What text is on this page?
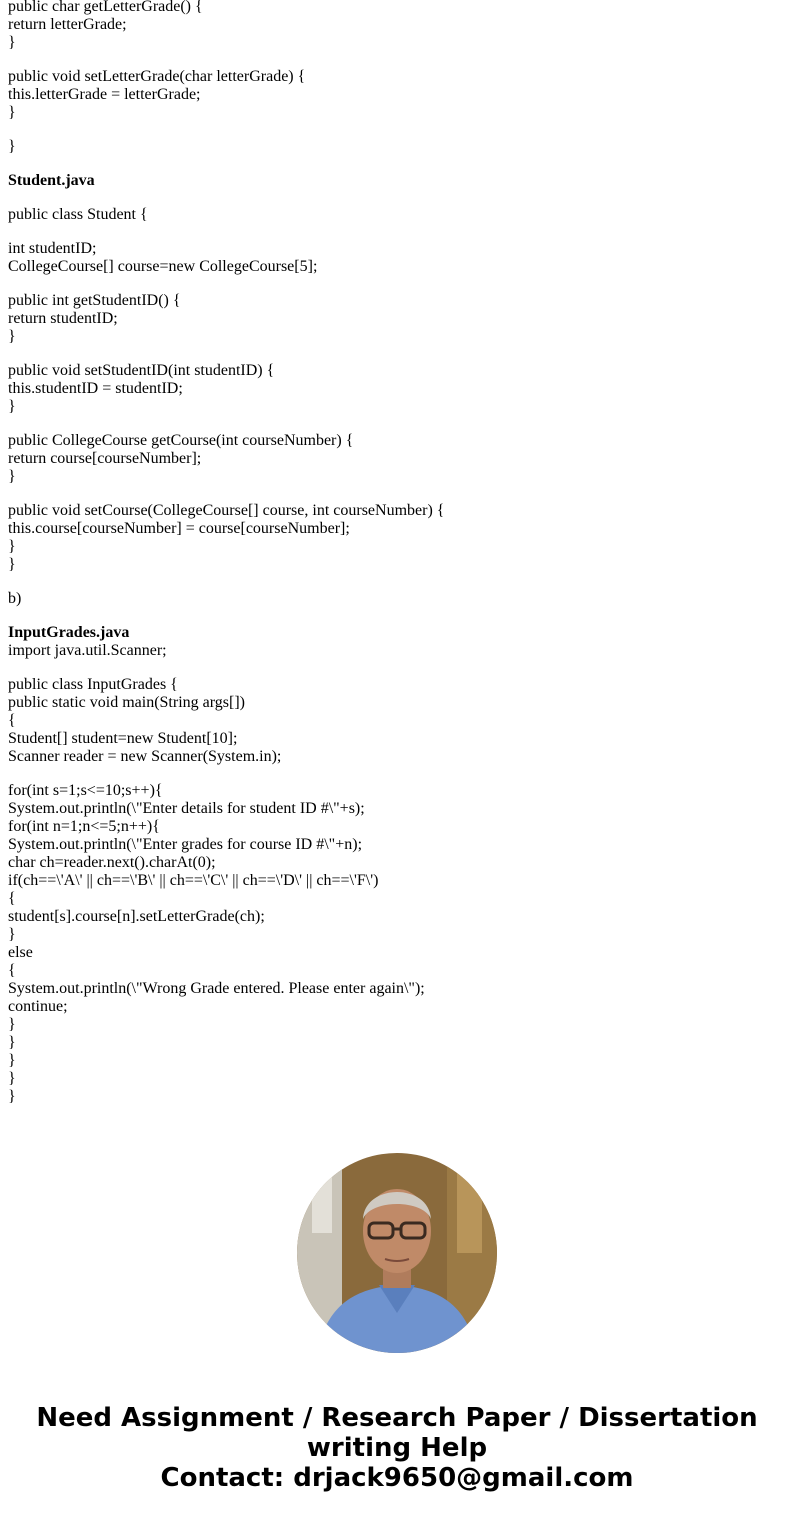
public char getLetterGrade() {
return letterGrade;
}
public void setLetterGrade(char letterGrade) {
this.letterGrade = letterGrade;
}
}
Student.java
public class Student {
int studentID;
CollegeCourse[] course=new CollegeCourse[5];
public int getStudentID() {
return studentID;
}
public void setStudentID(int studentID) {
this.studentID = studentID;
}
public CollegeCourse getCourse(int courseNumber) {
return course[courseNumber];
}
public void setCourse(CollegeCourse[] course, int courseNumber) {
this.course[courseNumber] = course[courseNumber];
}
}
b)
InputGrades.java
import java.util.Scanner;
public class InputGrades {
public static void main(String args[])
{
Student[] student=new Student[10];
Scanner reader = new Scanner(System.in);
for(int s=1;s<=10;s++){
System.out.println(\"Enter details for student ID #\"+s);
for(int n=1;n<=5;n++){
System.out.println(\"Enter grades for course ID #\"+n);
char ch=reader.next().charAt(0);
if(ch==\'A\' || ch==\'B\' || ch==\'C\' || ch==\'D\' || ch==\'F\')
{
student[s].course[n].setLetterGrade(ch);
}
else
{
System.out.println(\"Wrong Grade entered. Please enter again\");
continue;
}
}
}
}
}
Need Assignment / Research Paper / Dissertation
writing Help
Contact: drjack9650@gmail.com
